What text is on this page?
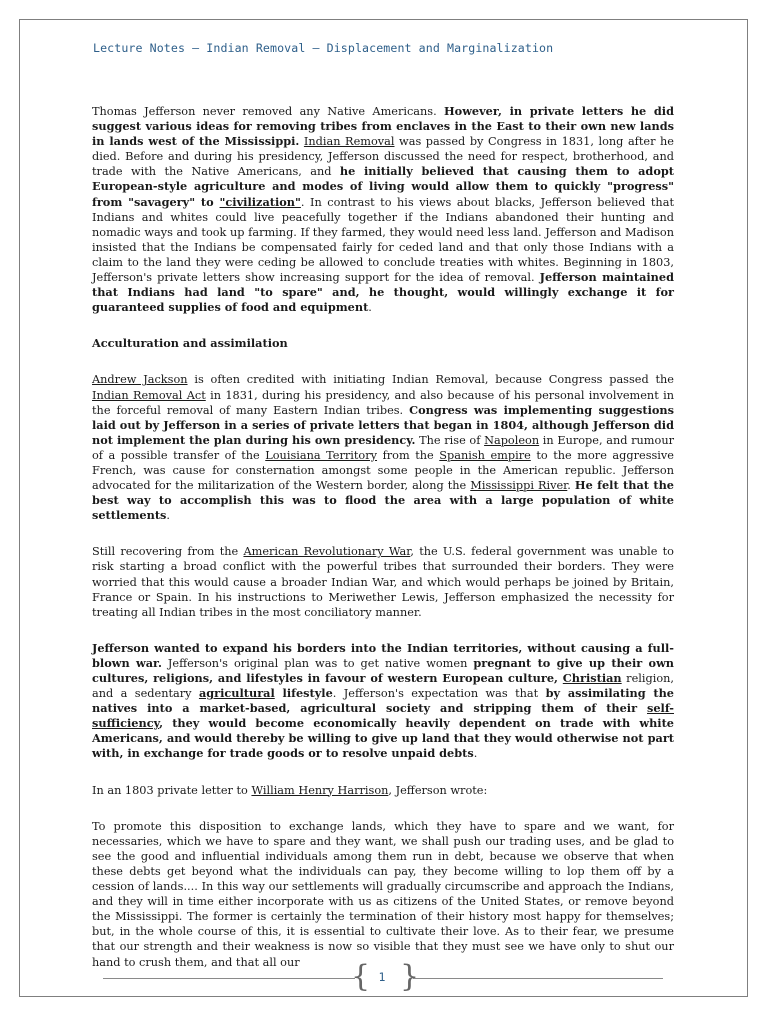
Lecture Notes – Indian Removal – Displacement and Marginalization

Thomas Jefferson never removed any Native Americans. However, in private letters he did suggest various ideas for removing tribes from enclaves in the East to their own new lands in lands west of the Mississippi. Indian Removal was passed by Congress in 1831, long after he died. Before and during his presidency, Jefferson discussed the need for respect, brotherhood, and trade with the Native Americans, and he initially believed that causing them to adopt European-style agriculture and modes of living would allow them to quickly "progress" from "savagery" to "civilization". In contrast to his views about blacks, Jefferson believed that Indians and whites could live peacefully together if the Indians abandoned their hunting and nomadic ways and took up farming. If they farmed, they would need less land. Jefferson and Madison insisted that the Indians be compensated fairly for ceded land and that only those Indians with a claim to the land they were ceding be allowed to conclude treaties with whites. Beginning in 1803, Jefferson's private letters show increasing support for the idea of removal. Jefferson maintained that Indians had land "to spare" and, he thought, would willingly exchange it for guaranteed supplies of food and equipment.

Acculturation and assimilation

Andrew Jackson is often credited with initiating Indian Removal, because Congress passed the Indian Removal Act in 1831, during his presidency, and also because of his personal involvement in the forceful removal of many Eastern Indian tribes. Congress was implementing suggestions laid out by Jefferson in a series of private letters that began in 1804, although Jefferson did not implement the plan during his own presidency. The rise of Napoleon in Europe, and rumour of a possible transfer of the Louisiana Territory from the Spanish empire to the more aggressive French, was cause for consternation amongst some people in the American republic. Jefferson advocated for the militarization of the Western border, along the Mississippi River. He felt that the best way to accomplish this was to flood the area with a large population of white settlements.

Still recovering from the American Revolutionary War, the U.S. federal government was unable to risk starting a broad conflict with the powerful tribes that surrounded their borders. They were worried that this would cause a broader Indian War, and which would perhaps be joined by Britain, France or Spain. In his instructions to Meriwether Lewis, Jefferson emphasized the necessity for treating all Indian tribes in the most conciliatory manner.

Jefferson wanted to expand his borders into the Indian territories, without causing a full-blown war. Jefferson's original plan was to get native women pregnant to give up their own cultures, religions, and lifestyles in favour of western European culture, Christian religion, and a sedentary agricultural lifestyle. Jefferson's expectation was that by assimilating the natives into a market-based, agricultural society and stripping them of their self-sufficiency, they would become economically heavily dependent on trade with white Americans, and would thereby be willing to give up land that they would otherwise not part with, in exchange for trade goods or to resolve unpaid debts.

In an 1803 private letter to William Henry Harrison, Jefferson wrote:

To promote this disposition to exchange lands, which they have to spare and we want, for necessaries, which we have to spare and they want, we shall push our trading uses, and be glad to see the good and influential individuals among them run in debt, because we observe that when these debts get beyond what the individuals can pay, they become willing to lop them off by a cession of lands.... In this way our settlements will gradually circumscribe and approach the Indians, and they will in time either incorporate with us as citizens of the United States, or remove beyond the Mississippi. The former is certainly the termination of their history most happy for themselves; but, in the whole course of this, it is essential to cultivate their love. As to their fear, we presume that our strength and their weakness is now so visible that they must see we have only to shut our hand to crush them, and that all our	{ 1 }
